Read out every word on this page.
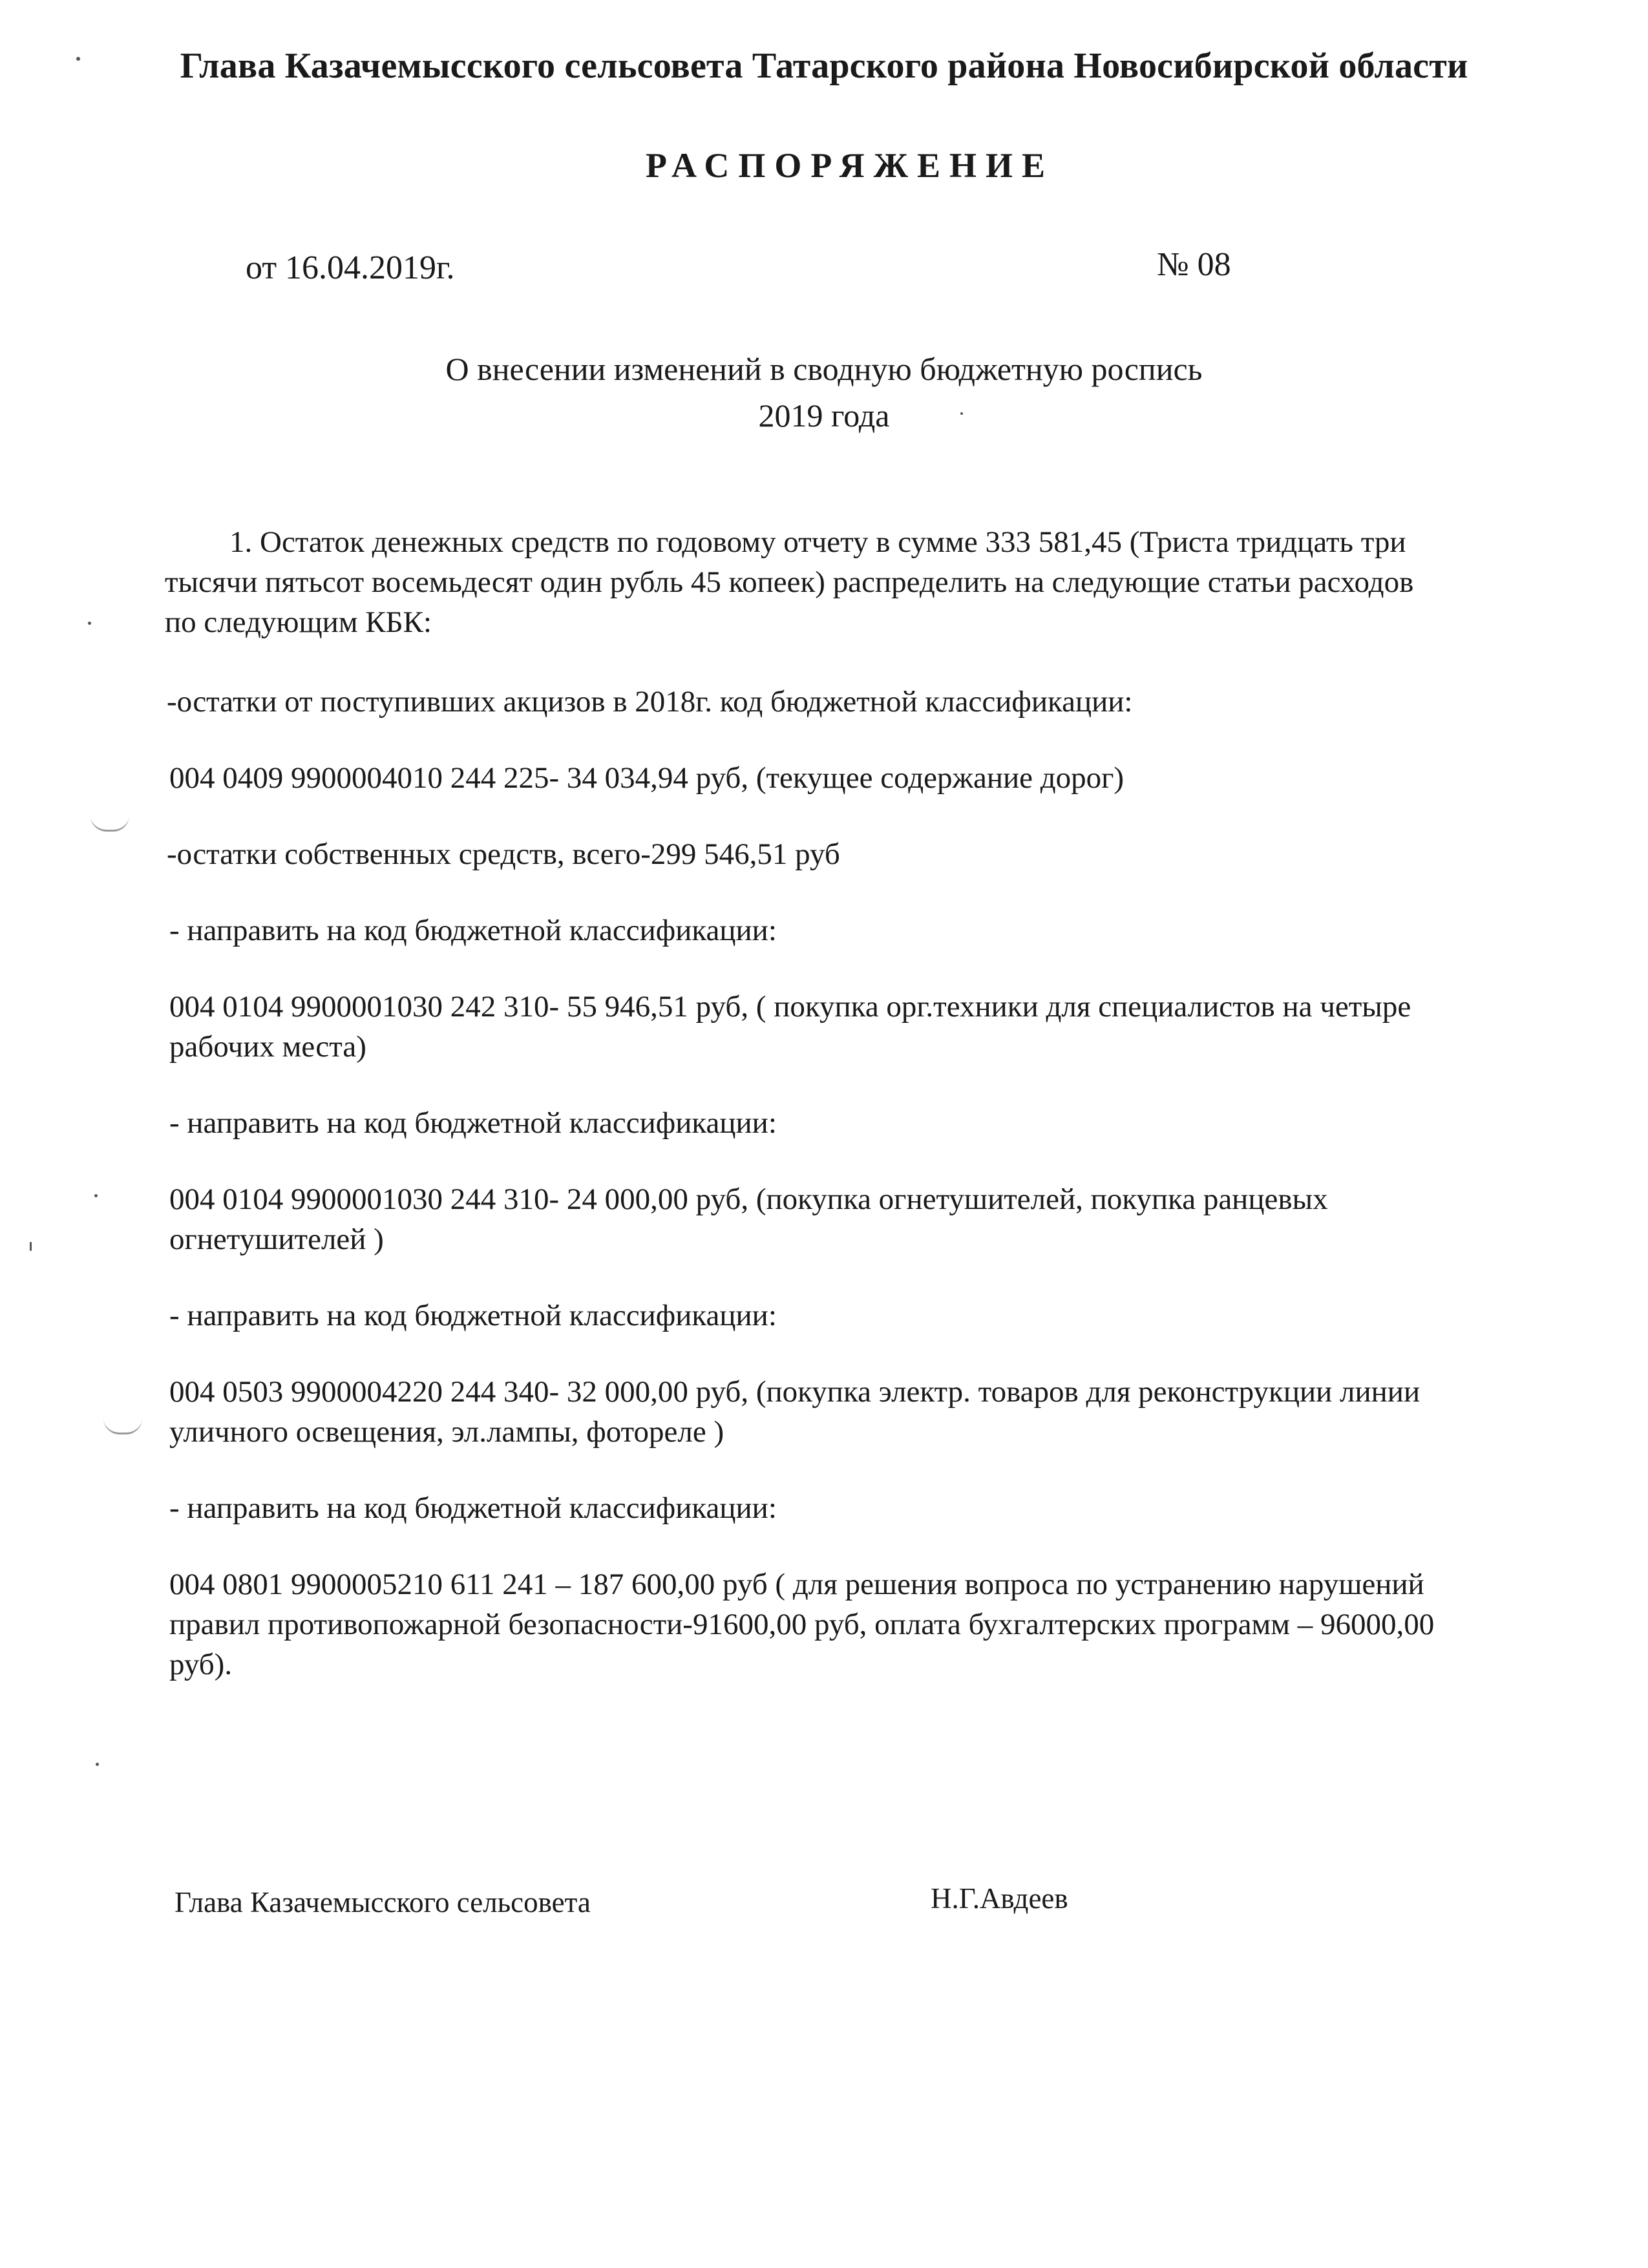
Глава Казачемысского сельсовета Татарского района Новосибирской области
РАСПОРЯЖЕНИЕ
от 16.04.2019г.	№ 08
О внесении изменений в сводную бюджетную роспись
2019 года
1. Остаток денежных средств по годовому отчету в сумме 333 581,45 (Триста тридцать три
тысячи пятьсот восемьдесят один рубль 45 копеек) распределить на следующие статьи расходов
по следующим КБК:
-остатки от поступивших акцизов в 2018г. код бюджетной классификации:
004 0409 9900004010 244 225- 34 034,94 руб, (текущее содержание дорог)
-остатки собственных средств, всего-299 546,51 руб
- направить на код бюджетной классификации:
004 0104 9900001030 242 310- 55 946,51 руб, ( покупка орг.техники для специалистов на четыре
рабочих места)
- направить на код бюджетной классификации:
004 0104 9900001030 244 310- 24 000,00 руб, (покупка огнетушителей, покупка ранцевых
огнетушителей )
- направить на код бюджетной классификации:
004 0503 9900004220 244 340- 32 000,00 руб, (покупка электр. товаров для реконструкции линии
уличного освещения, эл.лампы, фотореле )
- направить на код бюджетной классификации:
004 0801 9900005210 611 241 – 187 600,00 руб ( для решения вопроса по устранению нарушений
правил противопожарной безопасности-91600,00 руб, оплата бухгалтерских программ – 96000,00
руб).
Глава Казачемысского сельсовета	Н.Г.Авдеев
